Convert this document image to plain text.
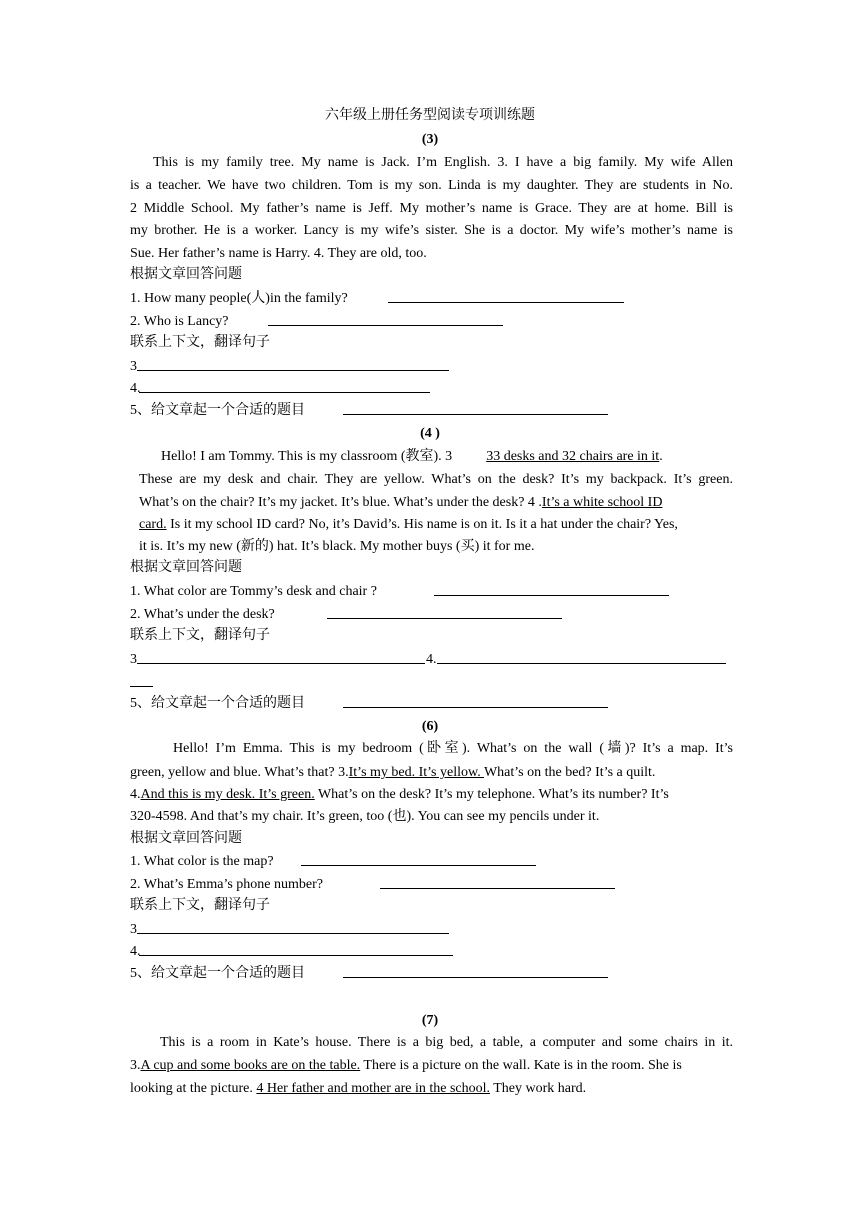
六年级上册任务型阅读专项训练题
(3)
This is my family tree. My name is Jack. I’m English. 3. I have a big family. My wife Allen
is a teacher. We have two children. Tom is my son. Linda is my daughter. They are students in No.
2 Middle School. My father’s name is Jeff. My mother’s name is Grace. They are at home. Bill is
my brother. He is a worker. Lancy is my wife’s sister. She is a doctor. My wife’s mother’s name is
Sue. Her father’s name is Harry. 4. They are old, too.
根据文章回答问题
1. How many people(人)in the family?
2. Who is Lancy?
联系上下文，翻译句子
3
4.
5、给文章起一个合适的题目
(4 )
Hello! I am Tommy. This is my classroom (教室). 3 33 desks and 32 chairs are in it.
These are my desk and chair. They are yellow. What’s on the desk? It’s my backpack. It’s green.
What’s on the chair? It’s my jacket. It’s blue. What’s under the desk? 4 .It’s a white school ID
card. Is it my school ID card? No, it’s David’s. His name is on it. Is it a hat under the chair? Yes,
it is. It’s my new (新的) hat. It’s black. My mother buys (买) it for me.
根据文章回答问题
1. What color are Tommy’s desk and chair ?
2. What’s under the desk?
联系上下文，翻译句子
3	4.
5、给文章起一个合适的题目
(6)
Hello! I’m Emma. This is my bedroom (卧室). What’s on the wall (墙)? It’s a map. It’s
green, yellow and blue. What’s that? 3.It’s my bed. It’s yellow. What’s on the bed? It’s a quilt.
4.And this is my desk. It’s green. What’s on the desk? It’s my telephone. What’s its number? It’s
320-4598. And that’s my chair. It’s green, too (也). You can see my pencils under it.
根据文章回答问题
1. What color is the map?
2. What’s Emma’s phone number?
联系上下文，翻译句子
3
4.
5、给文章起一个合适的题目
(7)
This is a room in Kate’s house. There is a big bed, a table, a computer and some chairs in it.
3.A cup and some books are on the table. There is a picture on the wall. Kate is in the room. She is
looking at the picture. 4 Her father and mother are in the school. They work hard.
